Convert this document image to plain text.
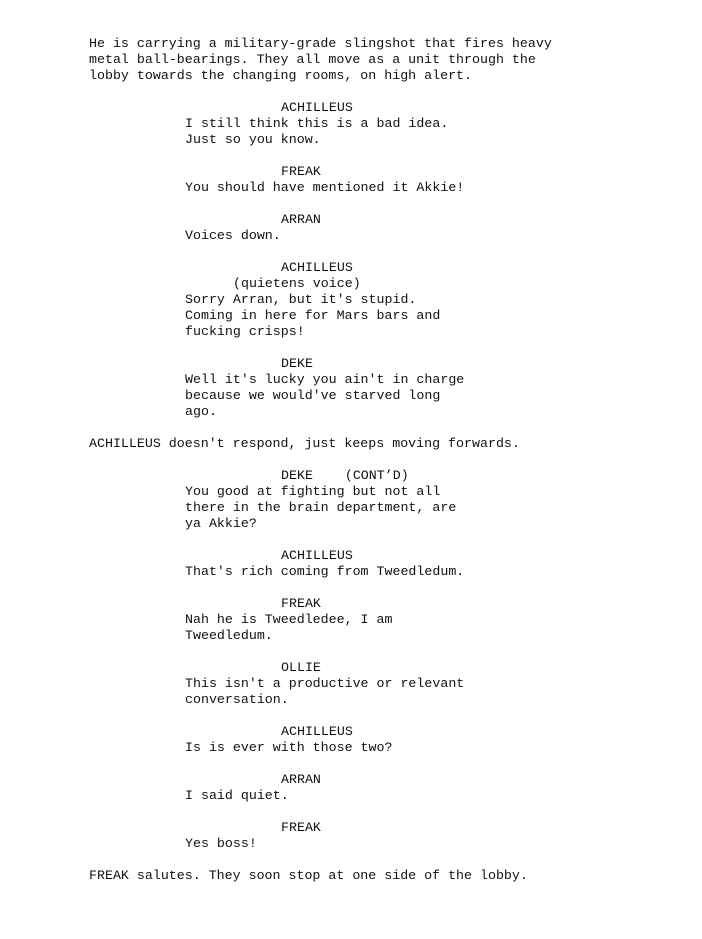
He is carrying a military-grade slingshot that fires heavy
metal ball-bearings. They all move as a unit through the
lobby towards the changing rooms, on high alert.
ACHILLEUS
I still think this is a bad idea.
Just so you know.
FREAK
You should have mentioned it Akkie!
ARRAN
Voices down.
ACHILLEUS
(quietens voice)
Sorry Arran, but it's stupid.
Coming in here for Mars bars and
fucking crisps!
DEKE
Well it's lucky you ain't in charge
because we would've starved long
ago.
ACHILLEUS doesn't respond, just keeps moving forwards.
DEKE    (CONT’D)
You good at fighting but not all
there in the brain department, are
ya Akkie?
ACHILLEUS
That's rich coming from Tweedledum.
FREAK
Nah he is Tweedledee, I am
Tweedledum.
OLLIE
This isn't a productive or relevant
conversation.
ACHILLEUS
Is is ever with those two?
ARRAN
I said quiet.
FREAK
Yes boss!
FREAK salutes. They soon stop at one side of the lobby.
